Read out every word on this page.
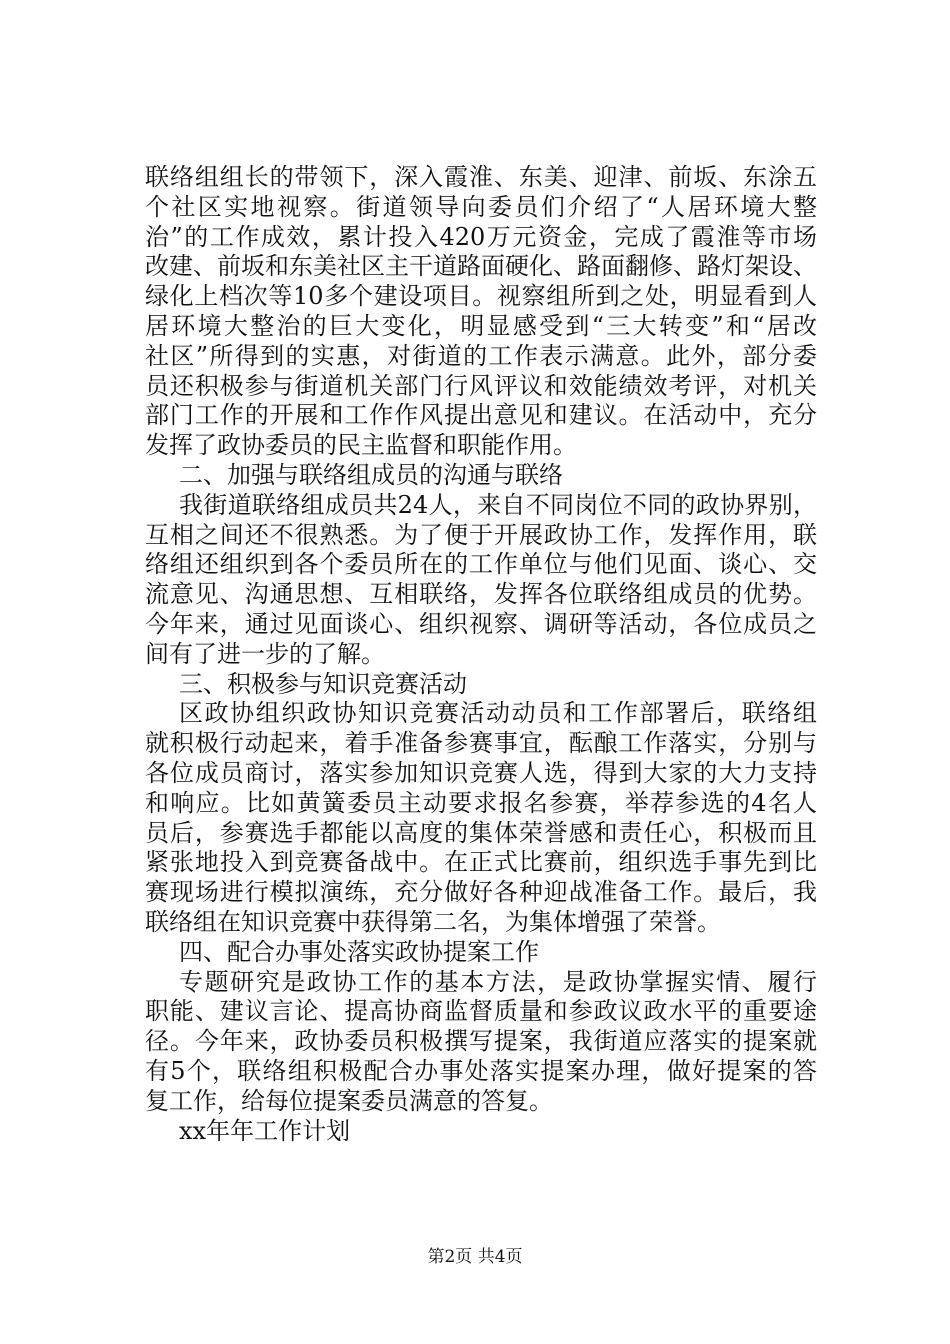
联络组组长的带领下，深入霞淮、东美、迎津、前坂、东涂五
个社区实地视察。街道领导向委员们介绍了“人居环境大整
治”的工作成效，累计投入420万元资金，完成了霞淮等市场
改建、前坂和东美社区主干道路面硬化、路面翻修、路灯架设、
绿化上档次等10多个建设项目。视察组所到之处，明显看到人
居环境大整治的巨大变化，明显感受到“三大转变”和“居改
社区”所得到的实惠，对街道的工作表示满意。此外，部分委
员还积极参与街道机关部门行风评议和效能绩效考评，对机关
部门工作的开展和工作作风提出意见和建议。在活动中，充分
发挥了政协委员的民主监督和职能作用。
二、加强与联络组成员的沟通与联络
我街道联络组成员共24人，来自不同岗位不同的政协界别，
互相之间还不很熟悉。为了便于开展政协工作，发挥作用，联
络组还组织到各个委员所在的工作单位与他们见面、谈心、交
流意见、沟通思想、互相联络，发挥各位联络组成员的优势。
今年来，通过见面谈心、组织视察、调研等活动，各位成员之
间有了进一步的了解。
三、积极参与知识竞赛活动
区政协组织政协知识竞赛活动动员和工作部署后，联络组
就积极行动起来，着手准备参赛事宜，酝酿工作落实，分别与
各位成员商讨，落实参加知识竞赛人选，得到大家的大力支持
和响应。比如黄簧委员主动要求报名参赛，举荐参选的4名人
员后，参赛选手都能以高度的集体荣誉感和责任心，积极而且
紧张地投入到竞赛备战中。在正式比赛前，组织选手事先到比
赛现场进行模拟演练，充分做好各种迎战准备工作。最后，我
联络组在知识竞赛中获得第二名，为集体增强了荣誉。
四、配合办事处落实政协提案工作
专题研究是政协工作的基本方法，是政协掌握实情、履行
职能、建议言论、提高协商监督质量和参政议政水平的重要途
径。今年来，政协委员积极撰写提案，我街道应落实的提案就
有5个，联络组积极配合办事处落实提案办理，做好提案的答
复工作，给每位提案委员满意的答复。
xx年年工作计划
第2页 共4页
